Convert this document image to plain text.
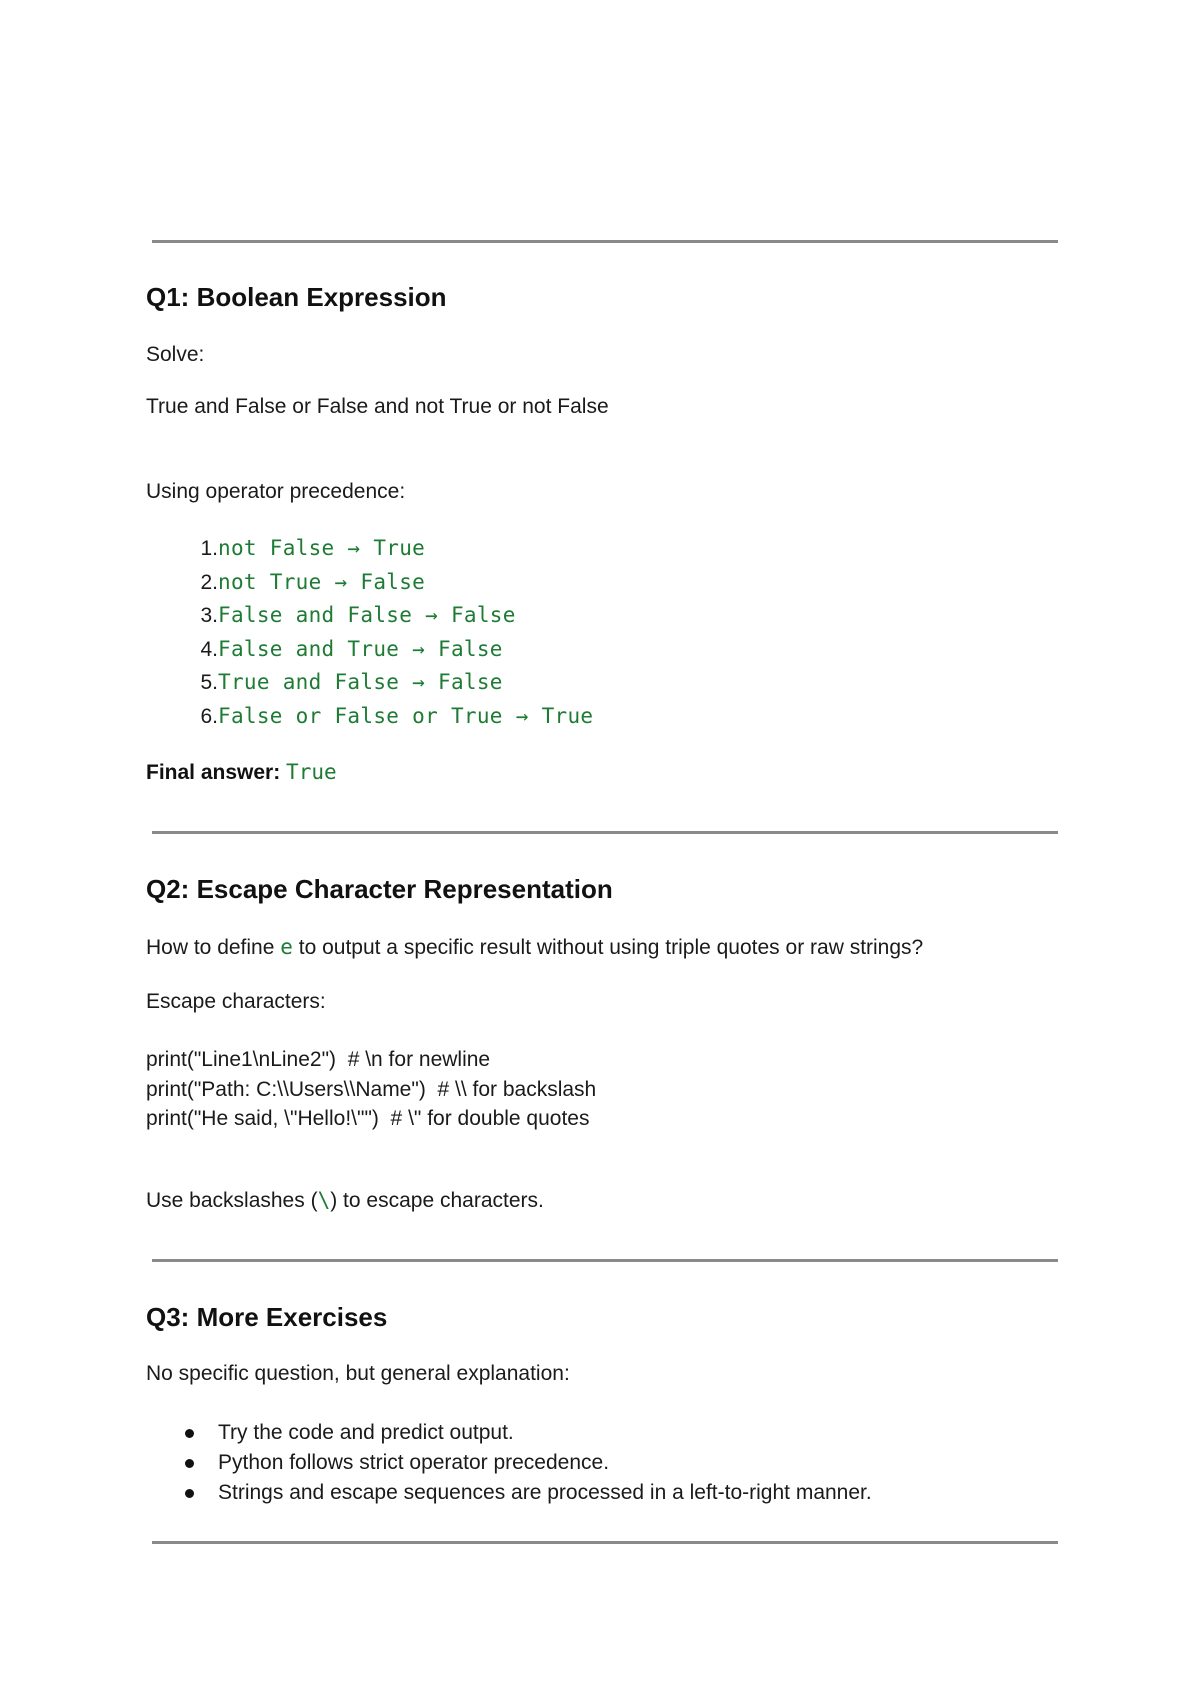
Q1: Boolean Expression

Solve:

True and False or False and not True or not False

Using operator precedence:

1.not False → True
2.not True → False
3.False and False → False
4.False and True → False
5.True and False → False
6.False or False or True → True

Final answer: True

Q2: Escape Character Representation

How to define e to output a specific result without using triple quotes or raw strings?

Escape characters:

print("Line1\nLine2")  # \n for newline
print("Path: C:\\Users\\Name")  # \\ for backslash
print("He said, \"Hello!\"")  # \" for double quotes

Use backslashes (\) to escape characters.

Q3: More Exercises

No specific question, but general explanation:

Try the code and predict output.
Python follows strict operator precedence.
Strings and escape sequences are processed in a left-to-right manner.
